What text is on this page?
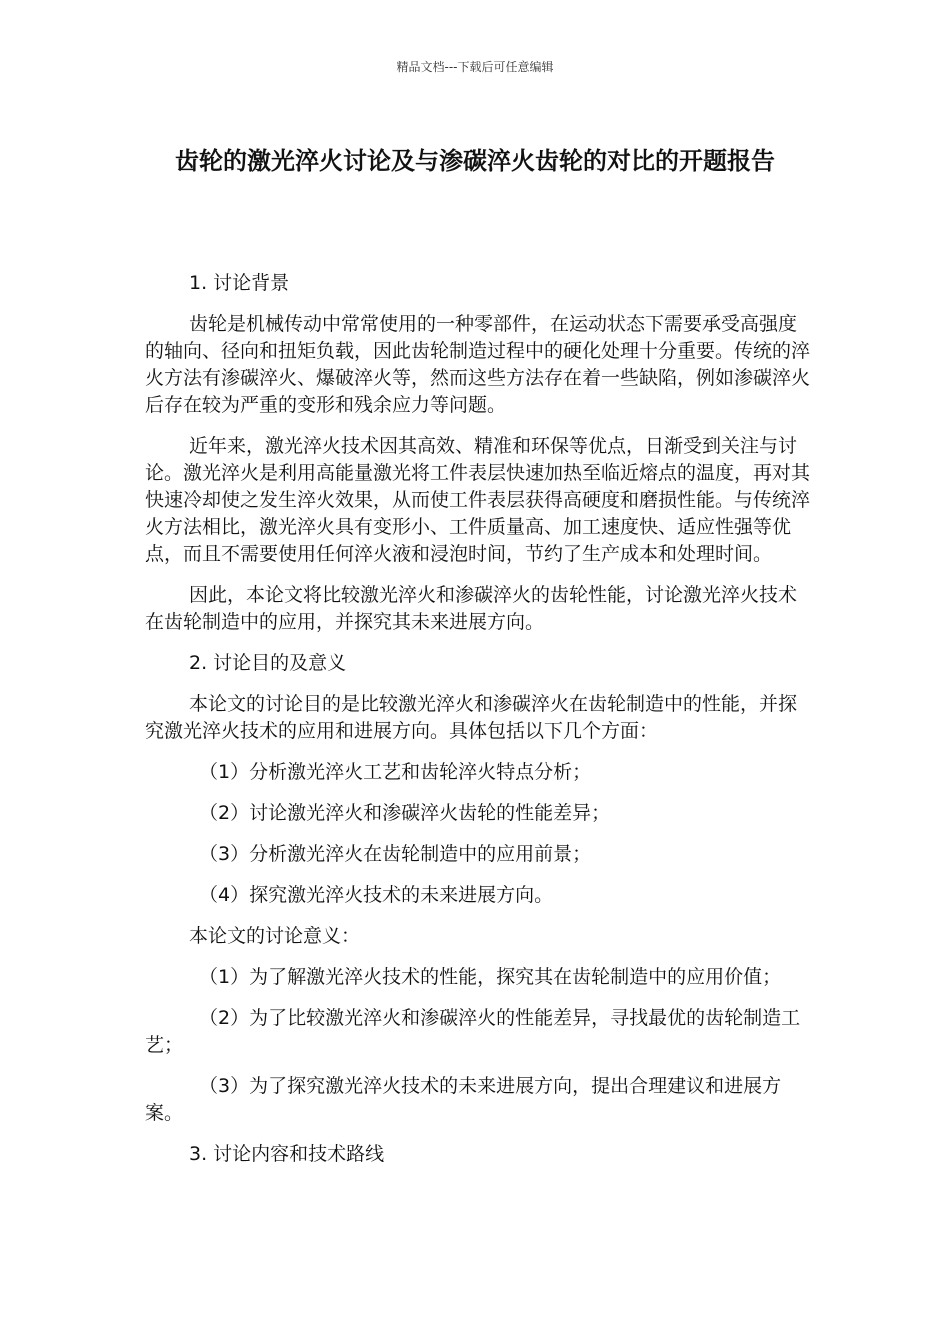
精品文档---下载后可任意编辑
齿轮的激光淬火讨论及与渗碳淬火齿轮的对比的开题报告

1. 讨论背景

齿轮是机械传动中常常使用的一种零部件，在运动状态下需要承受高强度的轴向、径向和扭矩负载，因此齿轮制造过程中的硬化处理十分重要。传统的淬火方法有渗碳淬火、爆破淬火等，然而这些方法存在着一些缺陷，例如渗碳淬火后存在较为严重的变形和残余应力等问题。

近年来，激光淬火技术因其高效、精准和环保等优点，日渐受到关注与讨论。激光淬火是利用高能量激光将工件表层快速加热至临近熔点的温度，再对其快速冷却使之发生淬火效果，从而使工件表层获得高硬度和磨损性能。与传统淬火方法相比，激光淬火具有变形小、工件质量高、加工速度快、适应性强等优点，而且不需要使用任何淬火液和浸泡时间，节约了生产成本和处理时间。

因此，本论文将比较激光淬火和渗碳淬火的齿轮性能，讨论激光淬火技术在齿轮制造中的应用，并探究其未来进展方向。

2. 讨论目的及意义

本论文的讨论目的是比较激光淬火和渗碳淬火在齿轮制造中的性能，并探究激光淬火技术的应用和进展方向。具体包括以下几个方面：

（1）分析激光淬火工艺和齿轮淬火特点分析；

（2）讨论激光淬火和渗碳淬火齿轮的性能差异；

（3）分析激光淬火在齿轮制造中的应用前景；

（4）探究激光淬火技术的未来进展方向。

本论文的讨论意义：

（1）为了解激光淬火技术的性能，探究其在齿轮制造中的应用价值；

（2）为了比较激光淬火和渗碳淬火的性能差异，寻找最优的齿轮制造工艺；

（3）为了探究激光淬火技术的未来进展方向，提出合理建议和进展方案。

3. 讨论内容和技术路线
